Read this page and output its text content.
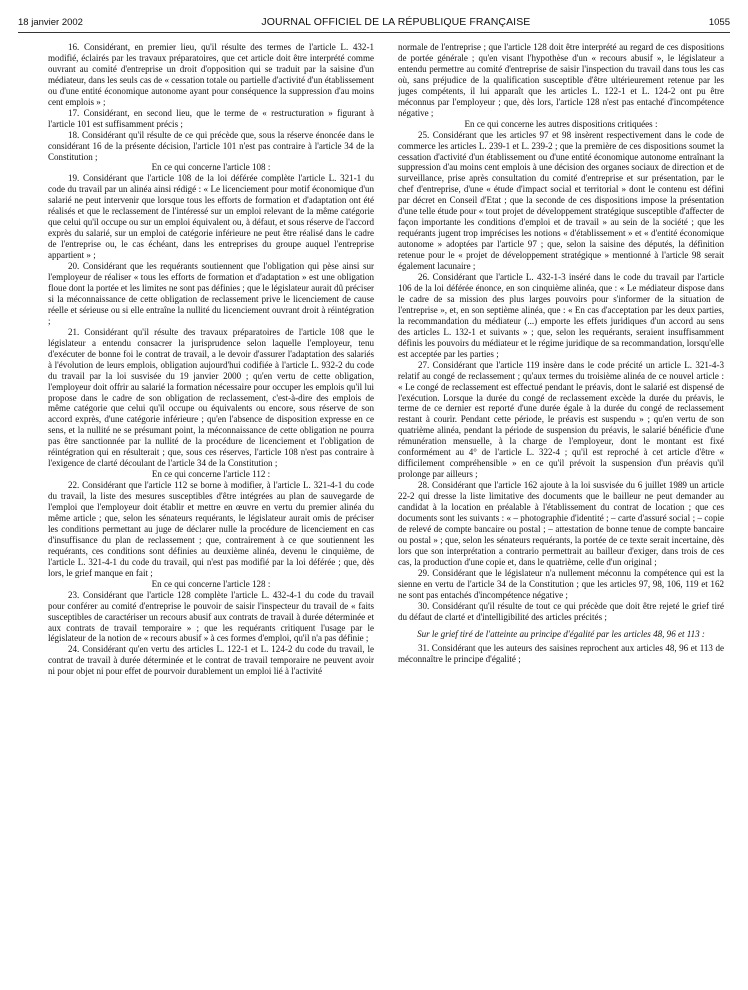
18 janvier 2002	JOURNAL OFFICIEL DE LA RÉPUBLIQUE FRANÇAISE	1055

16. Considérant, en premier lieu, qu'il résulte des termes de l'article L. 432-1 modifié, éclairés par les travaux préparatoires, que cet article doit être interprété comme ouvrant au comité d'entreprise un droit d'opposition qui se traduit par la saisine d'un médiateur, dans les seuls cas de « cessation totale ou partielle d'activité d'un établissement ou d'une entité économique autonome ayant pour conséquence la suppression d'au moins cent emplois » ;

17. Considérant, en second lieu, que le terme de « restructuration » figurant à l'article 101 est suffisamment précis ;

18. Considérant qu'il résulte de ce qui précède que, sous la réserve énoncée dans le considérant 16 de la présente décision, l'article 101 n'est pas contraire à l'article 34 de la Constitution ;

En ce qui concerne l'article 108 :

19. Considérant que l'article 108 de la loi déférée complète l'article L. 321-1 du code du travail par un alinéa ainsi rédigé : « Le licenciement pour motif économique d'un salarié ne peut intervenir que lorsque tous les efforts de formation et d'adaptation ont été réalisés et que le reclassement de l'intéressé sur un emploi relevant de la même catégorie que celui qu'il occupe ou sur un emploi équivalent ou, à défaut, et sous réserve de l'accord exprès du salarié, sur un emploi de catégorie inférieure ne peut être réalisé dans le cadre de l'entreprise ou, le cas échéant, dans les entreprises du groupe auquel l'entreprise appartient » ;

20. Considérant que les requérants soutiennent que l'obligation qui pèse ainsi sur l'employeur de réaliser « tous les efforts de formation et d'adaptation » est une obligation floue dont la portée et les limites ne sont pas définies ; que le législateur aurait dû préciser si la méconnaissance de cette obligation de reclassement prive le licenciement de cause réelle et sérieuse ou si elle entraîne la nullité du licenciement ouvrant droit à réintégration ;

21. Considérant qu'il résulte des travaux préparatoires de l'article 108 que le législateur a entendu consacrer la jurisprudence selon laquelle l'employeur, tenu d'exécuter de bonne foi le contrat de travail, a le devoir d'assurer l'adaptation des salariés à l'évolution de leurs emplois, obligation aujourd'hui codifiée à l'article L. 932-2 du code du travail par la loi susvisée du 19 janvier 2000 ; qu'en vertu de cette obligation, l'employeur doit offrir au salarié la formation nécessaire pour occuper les emplois qu'il lui propose dans le cadre de son obligation de reclassement, c'est-à-dire des emplois de même catégorie que celui qu'il occupe ou équivalents ou encore, sous réserve de son accord exprès, d'une catégorie inférieure ; qu'en l'absence de disposition expresse en ce sens, et la nullité ne se présumant point, la méconnaissance de cette obligation ne pourra pas être sanctionnée par la nullité de la procédure de licenciement et l'obligation de réintégration qui en résulterait ; que, sous ces réserves, l'article 108 n'est pas contraire à l'exigence de clarté découlant de l'article 34 de la Constitution ;

En ce qui concerne l'article 112 :

22. Considérant que l'article 112 se borne à modifier, à l'article L. 321-4-1 du code du travail, la liste des mesures susceptibles d'être intégrées au plan de sauvegarde de l'emploi que l'employeur doit établir et mettre en œuvre en vertu du premier alinéa du même article ; que, selon les sénateurs requérants, le législateur aurait omis de préciser les conditions permettant au juge de déclarer nulle la procédure de licenciement en cas d'insuffisance du plan de reclassement ; que, contrairement à ce que soutiennent les requérants, ces conditions sont définies au deuxième alinéa, devenu le cinquième, de l'article L. 321-4-1 du code du travail, qui n'est pas modifié par la loi déférée ; que, dès lors, le grief manque en fait ;

En ce qui concerne l'article 128 :

23. Considérant que l'article 128 complète l'article L. 432-4-1 du code du travail pour conférer au comité d'entreprise le pouvoir de saisir l'inspecteur du travail de « faits susceptibles de caractériser un recours abusif aux contrats de travail à durée déterminée et aux contrats de travail temporaire » ; que les requérants critiquent l'usage par le législateur de la notion de « recours abusif » à ces formes d'emploi, qu'il n'a pas définie ;

24. Considérant qu'en vertu des articles L. 122-1 et L. 124-2 du code du travail, le contrat de travail à durée déterminée et le contrat de travail temporaire ne peuvent avoir ni pour objet ni pour effet de pourvoir durablement un emploi lié à l'activité

normale de l'entreprise ; que l'article 128 doit être interprété au regard de ces dispositions de portée générale ; qu'en visant l'hypothèse d'un « recours abusif », le législateur a entendu permettre au comité d'entreprise de saisir l'inspection du travail dans tous les cas où, sans préjudice de la qualification susceptible d'être ultérieurement retenue par les juges compétents, il lui apparaît que les articles L. 122-1 et L. 124-2 ont pu être méconnus par l'employeur ; que, dès lors, l'article 128 n'est pas entaché d'incompétence négative ;

En ce qui concerne les autres dispositions critiquées :

25. Considérant que les articles 97 et 98 insèrent respectivement dans le code de commerce les articles L. 239-1 et L. 239-2 ; que la première de ces dispositions soumet la cessation d'activité d'un établissement ou d'une entité économique autonome entraînant la suppression d'au moins cent emplois à une décision des organes sociaux de direction et de surveillance, prise après consultation du comité d'entreprise et sur présentation, par le chef d'entreprise, d'une « étude d'impact social et territorial » dont le contenu est défini par décret en Conseil d'Etat ; que la seconde de ces dispositions impose la présentation d'une telle étude pour « tout projet de développement stratégique susceptible d'affecter de façon importante les conditions d'emploi et de travail » au sein de la société ; que les requérants jugent trop imprécises les notions « d'établissement » et « d'entité économique autonome » adoptées par l'article 97 ; que, selon la saisine des députés, la définition retenue pour le « projet de développement stratégique » mentionné à l'article 98 serait également lacunaire ;

26. Considérant que l'article L. 432-1-3 inséré dans le code du travail par l'article 106 de la loi déférée énonce, en son cinquième alinéa, que : « Le médiateur dispose dans le cadre de sa mission des plus larges pouvoirs pour s'informer de la situation de l'entreprise », et, en son septième alinéa, que : « En cas d'acceptation par les deux parties, la recommandation du médiateur (...) emporte les effets juridiques d'un accord au sens des articles L. 132-1 et suivants » ; que, selon les requérants, seraient insuffisamment définis les pouvoirs du médiateur et le régime juridique de sa recommandation, lorsqu'elle est acceptée par les parties ;

27. Considérant que l'article 119 insère dans le code précité un article L. 321-4-3 relatif au congé de reclassement ; qu'aux termes du troisième alinéa de ce nouvel article : « Le congé de reclassement est effectué pendant le préavis, dont le salarié est dispensé de l'exécution. Lorsque la durée du congé de reclassement excède la durée du préavis, le terme de ce dernier est reporté d'une durée égale à la durée du congé de reclassement restant à courir. Pendant cette période, le préavis est suspendu » ; qu'en vertu de son quatrième alinéa, pendant la période de suspension du préavis, le salarié bénéficie d'une rémunération mensuelle, à la charge de l'employeur, dont le montant est fixé conformément au 4° de l'article L. 322-4 ; qu'il est reproché à cet article d'être « difficilement compréhensible » en ce qu'il prévoit la suspension d'un préavis qu'il prolonge par ailleurs ;

28. Considérant que l'article 162 ajoute à la loi susvisée du 6 juillet 1989 un article 22-2 qui dresse la liste limitative des documents que le bailleur ne peut demander au candidat à la location en préalable à l'établissement du contrat de location ; que ces documents sont les suivants : « – photographie d'identité ; – carte d'assuré social ; – copie de relevé de compte bancaire ou postal ; – attestation de bonne tenue de compte bancaire ou postal » ; que, selon les sénateurs requérants, la portée de ce texte serait incertaine, dès lors que son interprétation a contrario permettrait au bailleur d'exiger, dans trois de ces cas, la production d'une copie et, dans le quatrième, celle d'un original ;

29. Considérant que le législateur n'a nullement méconnu la compétence qui est la sienne en vertu de l'article 34 de la Constitution ; que les articles 97, 98, 106, 119 et 162 ne sont pas entachés d'incompétence négative ;

30. Considérant qu'il résulte de tout ce qui précède que doit être rejeté le grief tiré du défaut de clarté et d'intelligibilité des articles précités ;

Sur le grief tiré de l'atteinte au principe d'égalité par les articles 48, 96 et 113 :

31. Considérant que les auteurs des saisines reprochent aux articles 48, 96 et 113 de méconnaître le principe d'égalité ;
